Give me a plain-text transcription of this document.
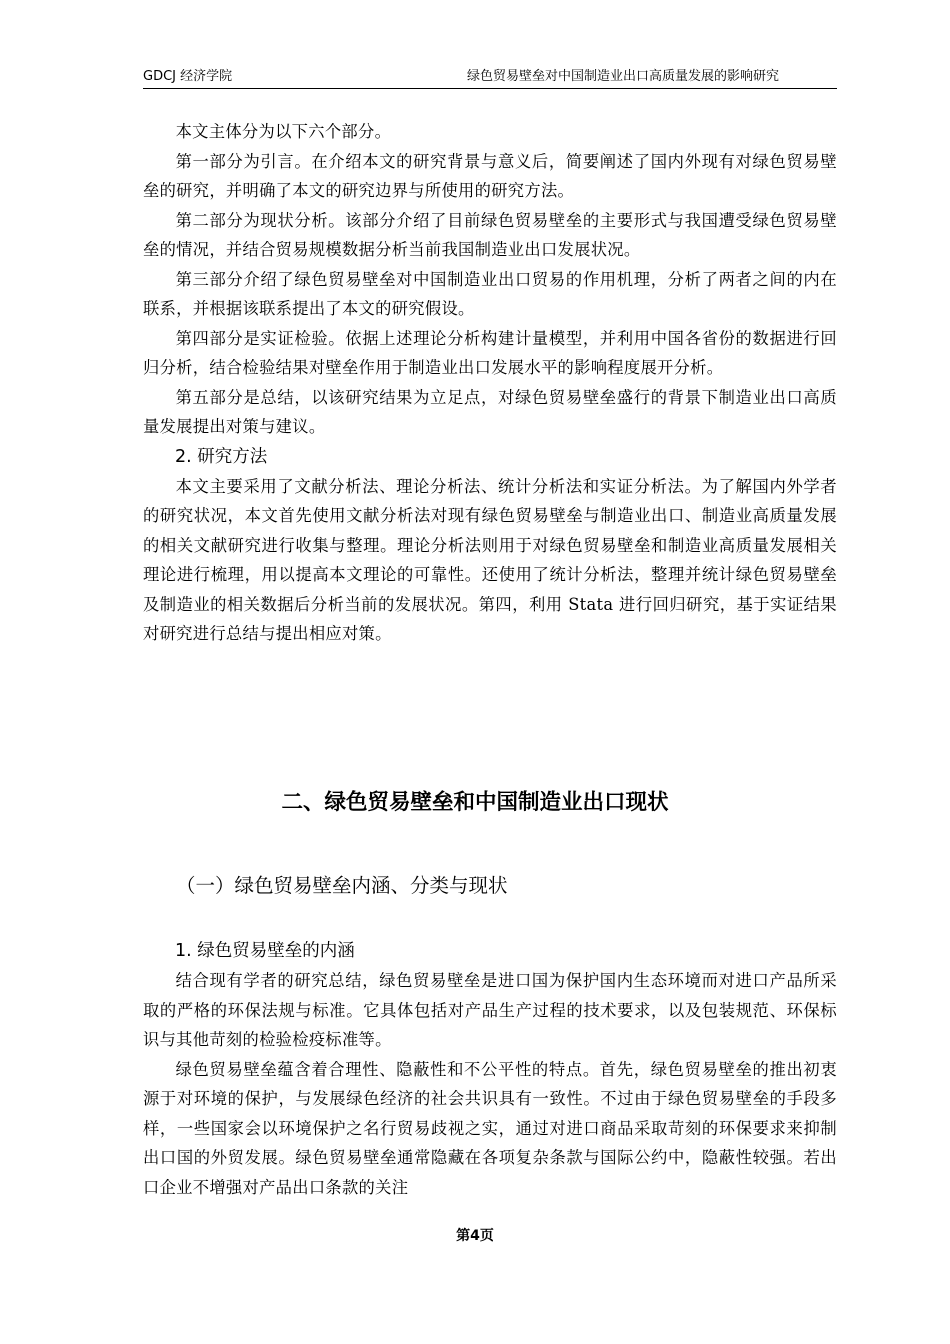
GDCJ 经济学院	绿色贸易壁垒对中国制造业出口高质量发展的影响研究

本文主体分为以下六个部分。

第一部分为引言。在介绍本文的研究背景与意义后，简要阐述了国内外现有对绿色贸易壁垒的研究，并明确了本文的研究边界与所使用的研究方法。

第二部分为现状分析。该部分介绍了目前绿色贸易壁垒的主要形式与我国遭受绿色贸易壁垒的情况，并结合贸易规模数据分析当前我国制造业出口发展状况。

第三部分介绍了绿色贸易壁垒对中国制造业出口贸易的作用机理，分析了两者之间的内在联系，并根据该联系提出了本文的研究假设。

第四部分是实证检验。依据上述理论分析构建计量模型，并利用中国各省份的数据进行回归分析，结合检验结果对壁垒作用于制造业出口发展水平的影响程度展开分析。

第五部分是总结，以该研究结果为立足点，对绿色贸易壁垒盛行的背景下制造业出口高质量发展提出对策与建议。

2. 研究方法

本文主要采用了文献分析法、理论分析法、统计分析法和实证分析法。为了解国内外学者的研究状况，本文首先使用文献分析法对现有绿色贸易壁垒与制造业出口、制造业高质量发展的相关文献研究进行收集与整理。理论分析法则用于对绿色贸易壁垒和制造业高质量发展相关理论进行梳理，用以提高本文理论的可靠性。还使用了统计分析法，整理并统计绿色贸易壁垒及制造业的相关数据后分析当前的发展状况。第四，利用 Stata 进行回归研究，基于实证结果对研究进行总结与提出相应对策。

二、绿色贸易壁垒和中国制造业出口现状
（一）绿色贸易壁垒内涵、分类与现状

1. 绿色贸易壁垒的内涵

结合现有学者的研究总结，绿色贸易壁垒是进口国为保护国内生态环境而对进口产品所采取的严格的环保法规与标准。它具体包括对产品生产过程的技术要求，以及包装规范、环保标识与其他苛刻的检验检疫标准等。

绿色贸易壁垒蕴含着合理性、隐蔽性和不公平性的特点。首先，绿色贸易壁垒的推出初衷源于对环境的保护，与发展绿色经济的社会共识具有一致性。不过由于绿色贸易壁垒的手段多样，一些国家会以环境保护之名行贸易歧视之实，通过对进口商品采取苛刻的环保要求来抑制出口国的外贸发展。绿色贸易壁垒通常隐藏在各项复杂条款与国际公约中，隐蔽性较强。若出口企业不增强对产品出口条款的关注

第4页
